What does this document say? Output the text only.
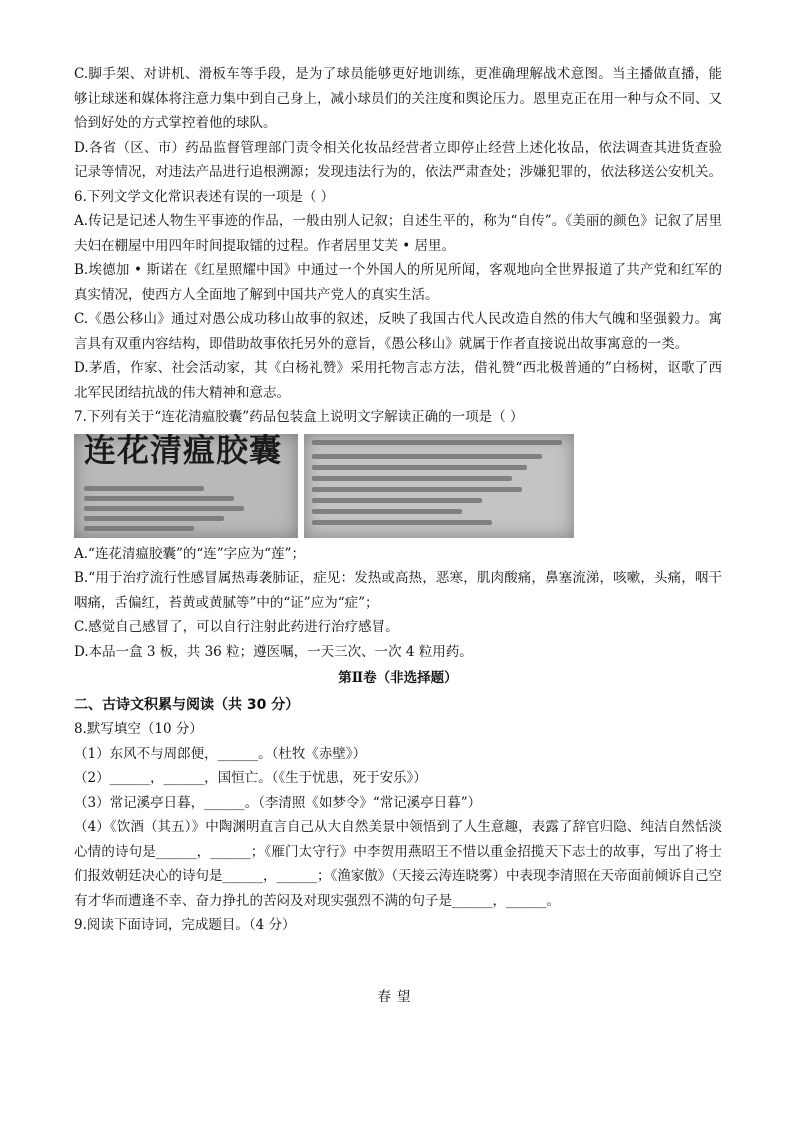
C.脚手架、对讲机、滑板车等手段，是为了球员能够更好地训练，更准确理解战术意图。当主播做直播，能够让球迷和媒体将注意力集中到自己身上，减小球员们的关注度和舆论压力。恩里克正在用一种与众不同、又恰到好处的方式掌控着他的球队。

D.各省（区、市）药品监督管理部门责令相关化妆品经营者立即停止经营上述化妆品，依法调查其进货查验记录等情况，对违法产品进行追根溯源；发现违法行为的，依法严肃查处；涉嫌犯罪的，依法移送公安机关。

6.下列文学文化常识表述有误的一项是（ ）

A.传记是记述人物生平事迹的作品，一般由别人记叙；自述生平的，称为“自传”。《美丽的颜色》记叙了居里夫妇在棚屋中用四年时间提取镭的过程。作者居里艾芙 • 居里。

B.埃德加 • 斯诺在《红星照耀中国》中通过一个外国人的所见所闻，客观地向全世界报道了共产党和红军的真实情况，使西方人全面地了解到中国共产党人的真实生活。

C.《愚公移山》通过对愚公成功移山故事的叙述，反映了我国古代人民改造自然的伟大气魄和坚强毅力。寓言具有双重内容结构，即借助故事依托另外的意旨，《愚公移山》就属于作者直接说出故事寓意的一类。

D.茅盾，作家、社会活动家，其《白杨礼赞》采用托物言志方法，借礼赞“西北极普通的”白杨树，讴歌了西北军民团结抗战的伟大精神和意志。

7.下列有关于“连花清瘟胶囊”药品包装盒上说明文字解读正确的一项是（ ）

连花清瘟胶囊

A.“连花清瘟胶囊”的“连”字应为“莲”；

B.“用于治疗流行性感冒属热毒袭肺证，症见：发热或高热，恶寒，肌肉酸痛，鼻塞流涕，咳嗽，头痛，咽干咽痛，舌偏红，苔黄或黄腻等”中的“证”应为“症”；

C.感觉自己感冒了，可以自行注射此药进行治疗感冒。

D.本品一盒 3 板，共 36 粒；遵医嘱，一天三次、一次 4 粒用药。

第Ⅱ卷（非选择题）

二、古诗文积累与阅读（共 30 分）

8.默写填空（10 分）

（1）东风不与周郎便，______。（杜牧《赤壁》）

（2）______，______，国恒亡。（《生于忧患，死于安乐》）

（3）常记溪亭日暮，______。（李清照《如梦令》“常记溪亭日暮”）

（4）《饮酒（其五）》中陶渊明直言自己从大自然美景中领悟到了人生意趣，表露了辞官归隐、纯洁自然恬淡心情的诗句是______，______；《雁门太守行》中李贺用燕昭王不惜以重金招揽天下志士的故事，写出了将士们报效朝廷决心的诗句是______，______；《渔家傲》（天接云涛连晓雾）中表现李清照在天帝面前倾诉自己空有才华而遭逢不幸、奋力挣扎的苦闷及对现实强烈不满的句子是______，______。

9.阅读下面诗词，完成题目。（4 分）

春望
